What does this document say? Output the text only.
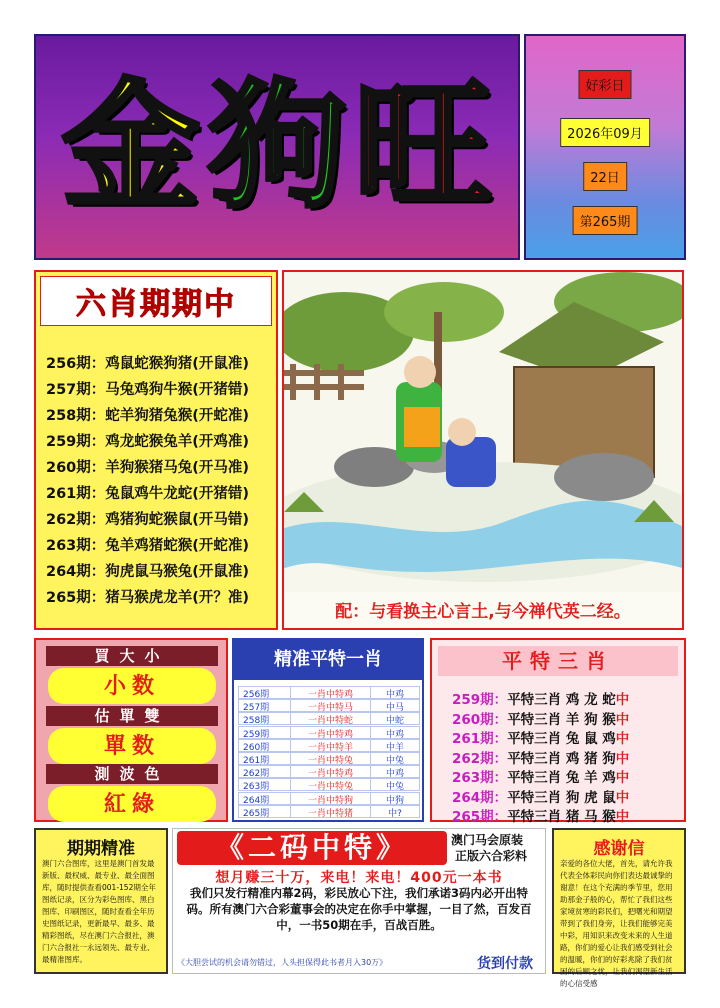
金 狗 旺	好彩日
2026年09月
22日
第265期
六肖期期中
256期：鸡鼠蛇猴狗猪(开鼠准)
257期：马兔鸡狗牛猴(开猪错)
258期：蛇羊狗猪兔猴(开蛇准)
259期：鸡龙蛇猴兔羊(开鸡准)
260期：羊狗猴猪马兔(开马准)
261期：兔鼠鸡牛龙蛇(开猪错)
262期：鸡猪狗蛇猴鼠(开马错)
263期：兔羊鸡猪蛇猴(开蛇准)
264期：狗虎鼠马猴兔(开鼠准)
265期：猪马猴虎龙羊(开？准)
配：与看换主心言土,与今禅代英二经。
買大小
小数
估單雙
單数
測波色
紅綠
精准平特一肖
256期	一肖中特鸡	中鸡
257期	一肖中特马	中马
258期	一肖中特蛇	中蛇
259期	一肖中特鸡	中鸡
260期	一肖中特羊	中羊
261期	一肖中特兔	中兔
262期	一肖中特鸡	中鸡
263期	一肖中特兔	中兔
264期	一肖中特狗	中狗
265期	一肖中特猪	中?
平特三肖
259期：平特三肖 鸡 龙 蛇中
260期：平特三肖 羊 狗 猴中
261期：平特三肖 兔 鼠 鸡中
262期：平特三肖 鸡 猪 狗中
263期：平特三肖 兔 羊 鸡中
264期：平特三肖 狗 虎 鼠中
265期：平特三肖 猪 马 猴中
期期精准
澳门六合图库，这里是澳门首发最新版、最权威、最专业、最全面图库，随时提供查看001-152期全年图纸记录，区分为彩色图库、黑白图库、印刷图区，随时查看全年历史图纸记录，更新最早、最多、最精彩图纸，尽在澳门六合报社，澳门六合报社一永远领先、最专业、最精准图库。
《二码中特》	澳门马会原装
正版六合彩料
想月赚三十万，来电！来电！400元一本书
我们只发行精准内幕2码，彩民放心下注，我们承诺3码内必开出特码。所有澳门六合彩董事会的决定在你手中掌握，一目了然，百发百中，一书50期在手，百战百胜。
《大胆尝试的机会请勿错过，人头担保得此书者月入30万》	货到付款
感谢信
亲爱的各位大佬，首先，请允许我代表全体彩民向你们表达最诚挚的谢意！在这个充满的季节里，您用助那金子般的心，帮忙了我们这些家境贫寒的彩民们，把曙光和期望带到了我们身旁，让我们能够完美中彩，用知识来改变未来的人生道路，你们的爱心让我们感受到社会的温暖，你们的好彩兆除了我们贫困的后顾之忧，让我们渴望新生活的心信受感
